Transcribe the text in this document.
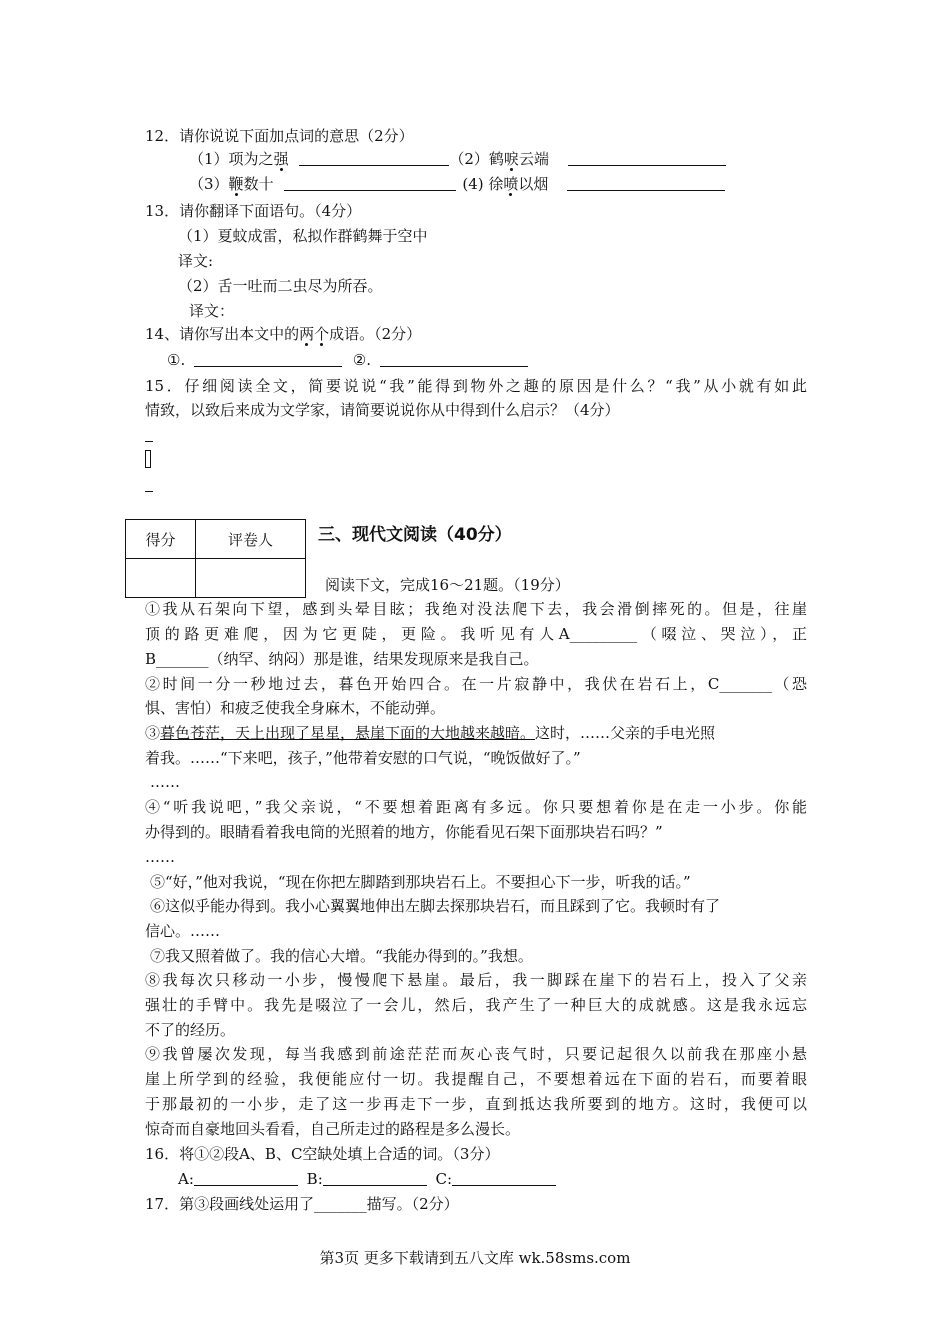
12．请你说说下面加点词的意思（2分）
（1）项为之强	（2）鹤唳云端
（3）鞭数十	(4) 徐喷以烟
13．请你翻译下面语句。（4分）
（1）夏蚊成雷，私拟作群鹤舞于空中
译文:
（2）舌一吐而二虫尽为所吞。
译文：
14、请你写出本文中的两个成语。（2分）
①.	②.
15．仔细阅读全文，简要说说“我”能得到物外之趣的原因是什么？“我”从小就有如此
情致，以致后来成为文学家，请简要说说你从中得到什么启示？（4分）
得分	评卷人
		三、现代文阅读（40分）
阅读下文，完成16～21题。（19分）
①我从石架向下望，感到头晕目眩；我绝对没法爬下去，我会滑倒摔死的。但是，往崖
顶的路更难爬，因为它更陡，更险。我听见有人A_________（啜泣、哭泣），正
B_______（纳罕、纳闷）那是谁，结果发现原来是我自己。
②时间一分一秒地过去，暮色开始四合。在一片寂静中，我伏在岩石上，C_______（恐
惧、害怕）和疲乏使我全身麻木，不能动弹。
③暮色苍茫，天上出现了星星，悬崖下面的大地越来越暗。这时，……父亲的手电光照
着我。……“下来吧，孩子，”他带着安慰的口气说，“晚饭做好了。”
……
④“听我说吧，”我父亲说，“不要想着距离有多远。你只要想着你是在走一小步。你能
办得到的。眼睛看着我电筒的光照着的地方，你能看见石架下面那块岩石吗？”
……
⑤“好，”他对我说，“现在你把左脚踏到那块岩石上。不要担心下一步，听我的话。”
⑥这似乎能办得到。我小心翼翼地伸出左脚去探那块岩石，而且踩到了它。我顿时有了
信心。……
⑦我又照着做了。我的信心大增。“我能办得到的。”我想。
⑧我每次只移动一小步，慢慢爬下悬崖。最后，我一脚踩在崖下的岩石上，投入了父亲
强壮的手臂中。我先是啜泣了一会儿，然后，我产生了一种巨大的成就感。这是我永远忘
不了的经历。
⑨我曾屡次发现，每当我感到前途茫茫而灰心丧气时，只要记起很久以前我在那座小悬
崖上所学到的经验，我便能应付一切。我提醒自己，不要想着远在下面的岩石，而要着眼
于那最初的一小步，走了这一步再走下一步，直到抵达我所要到的地方。这时，我便可以
惊奇而自豪地回头看看，自己所走过的路程是多么漫长。
16．将①②段A、B、C空缺处填上合适的词。（3分）
A:	B:	C:
17．第③段画线处运用了_______描写。（2分）
第3页 更多下载请到五八文库 wk.58sms.com
